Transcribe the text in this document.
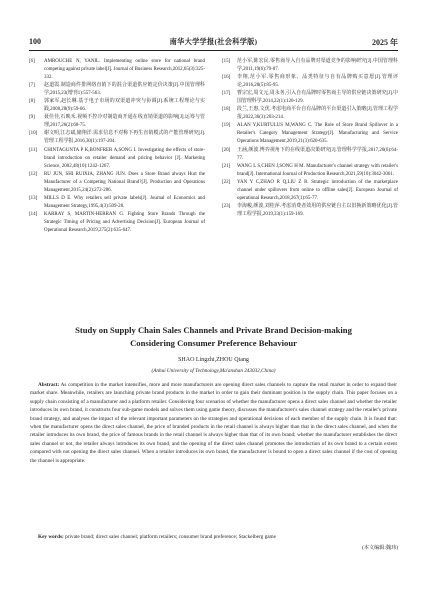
100	南华大学学报(社会科学版)	2025 年
[6] AMROUCHE N, YANIL. Implementing online store for national brand competing against private label[J]. Journal of Business Research,2012,65(3):325-332.
[7] 赵道霞.制造商件排网络直销下的混合渠道供应链定价决策[J].中国管理科学,2015,23(增刊1):557-563.
[8] 郭家军,赵长琳.基于电子市场的双渠道冲突与协调[J].系统工程理论与实践,2008,28(9):59-66.
[9] 聂佳佳,石映禾.视频不控冷对制造商开通在线直销渠道的影响[J].运筹与管理,2017,26(2):68-75.
[10] 谢文明,江志斌,储翔洋.需求信息不对称下再生直销模式的产能管理研究[J].管理工程学报,2016,30(1):197-204.
[11] CHINTAGUNTA P K,BONFRER A,SONG I. Investigating the effects of store-brand introduction on retailer demand and pricing behavior [J]. Marketing Science, 2002,48(10):1242-1267.
[12] RU JUN, SHI RUIXIA, ZHANG JUN. Does a Store Brand always Hurt the Manufacturer of a Competing National Brand?[J]. Production and Operations Management,2015,24(2):272-286.
[13] MILLS D E. Why retailers sell private labels[J]. Journal of Economics and Management Strategy,1995,4(3):509-28.
[14] KARRAY S, MARTIN-HERRAN G. Fighting Store Brands Through the Strategic Timing of Pricing and Advertising Decision[J]. European Journal of Operational Research,2019,275(2):635-647.
[15] 范小军,陈宏民.零售商导入自有品牌对渠道竞争的影响研究[J].中国管理科学,2011,19(6):79-87.
[16] 李翔,范小军.零售商形象、品类特征与自有品牌购买意愿[J].管理评论,2016,28(5):85-95.
[17] 曹宗宏,周文元,周永务,引入自有品牌时零售商主导的供应链决策研究[J].中国管理科学,2014,22(1):120-129.
[18] 段兰,王惠,文优.考虑电商平台自有品牌的平台渠道引入策略[J].管理工程学报,2022,36(3):203-214.
[19] ALAN Y,KURTULUS M,WANG C. The Role of Store Brand Spillover in a Retailer's Category Management Strategy[J]. Manufacturing and Service Operations Management,2019,21(3):620-635.
[20] 王涵,颜波.博弈视角下的在线渠道决策研究[J].管理科学学报,2017,20(6):64-77.
[21] WANG L S,CHEN J,SONG H M. Manufacturer's channel strategy with retailer's brand[J]. International Journal of Production Research,2021,59(10):3042-3061.
[22] YAN Y C,ZHAO R Q,LIU Z B. Strategic introduction of the marketplace channel under spillovers from online to offline sales[J]. European Journal of operational Research,2018,267(1):65-77.
[23] 李海峻,颜波,刘桂萍.考虑消费者效用的供应链自主以旧换新策略优化[J].管理工程学报,2019,33(1):159-169.
Study on Supply Chain Sales Channels and Private Brand Decision-making
Considering Consumer Preference Behaviour
SHAO Lingzhi,ZHOU Qiang
(Anhui University of Technology,Ma'anshan 243032,China)
Abstract: As competition in the market intensifies, more and more manufacturers are opening direct sales channels to capture the retail market in order to expand their market share. Meanwhile, retailers are launching private brand products in the market in order to gain their dominant position in the supply chain. This paper focuses on a supply chain consisting of a manufacturer and a platform retailer. Considering four scenarios of whether the manufacturer opens a direct sales channel and whether the retailer introduces its own brand, it constructs four sub-game models and solves them using game theory, discusses the manufacturer's sales channel strategy and the retailer's private brand strategy, and analyses the impact of the relevant important parameters on the strategies and operational decisions of each member of the supply chain. It is found that: when the manufacturer opens the direct sales channel, the price of branded products in the retail channel is always higher than that in the direct sales channel, and when the retailer introduces its own brand, the price of famous brands in the retail channel is always higher than that of its own brand; whether the manufacturer establishes the direct sales channel or not, the retailer always introduces its own brand, and the opening of the direct sales channel promotes the introduction of its own brand to a certain extent compared with not opening the direct sales channel. When a retailer introduces its own brand, the manufacturer is bound to open a direct sales channel if the cost of opening the channel is appropriate.
Key words: private brand; direct sales channel; platform retailers; consumer brand preference; Stackelberg game
(本文编辑:魏玮)
